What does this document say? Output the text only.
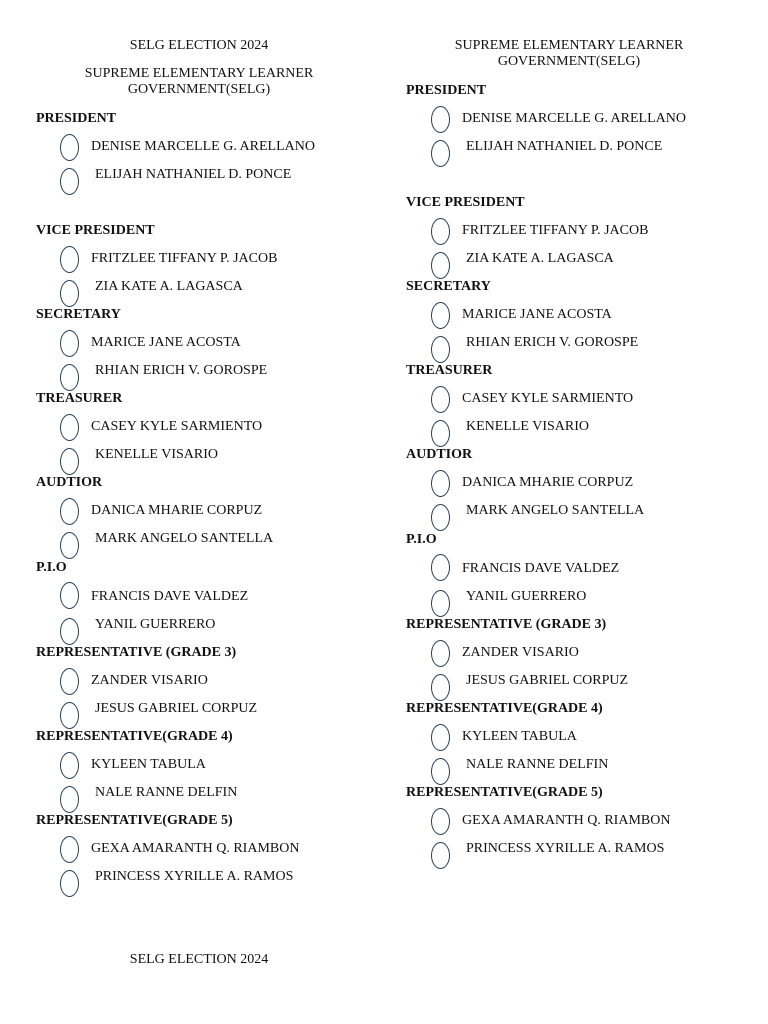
SELG ELECTION 2024
SUPREME ELEMENTARY LEARNER GOVERNMENT(SELG)
SUPREME ELEMENTARY LEARNER GOVERNMENT(SELG)
SELG ELECTION 2024
PRESIDENT
DENISE MARCELLE G. ARELLANO
ELIJAH NATHANIEL D. PONCE
VICE PRESIDENT
FRITZLEE TIFFANY P. JACOB
ZIA KATE A. LAGASCA
SECRETARY
MARICE JANE ACOSTA
RHIAN ERICH V. GOROSPE
TREASURER
CASEY KYLE SARMIENTO
KENELLE VISARIO
AUDTIOR
DANICA MHARIE CORPUZ
MARK ANGELO SANTELLA
P.I.O
FRANCIS DAVE VALDEZ
YANIL GUERRERO
REPRESENTATIVE (GRADE 3)
ZANDER VISARIO
JESUS GABRIEL CORPUZ
REPRESENTATIVE(GRADE 4)
KYLEEN TABULA
NALE RANNE DELFIN
REPRESENTATIVE(GRADE 5)
GEXA AMARANTH Q. RIAMBON
PRINCESS XYRILLE A. RAMOS
PRESIDENT
DENISE MARCELLE G. ARELLANO
ELIJAH NATHANIEL D. PONCE
VICE PRESIDENT
FRITZLEE TIFFANY P. JACOB
ZIA KATE A. LAGASCA
SECRETARY
MARICE JANE ACOSTA
RHIAN ERICH V. GOROSPE
TREASURER
CASEY KYLE SARMIENTO
KENELLE VISARIO
AUDTIOR
DANICA MHARIE CORPUZ
MARK ANGELO SANTELLA
P.I.O
FRANCIS DAVE VALDEZ
YANIL GUERRERO
REPRESENTATIVE (GRADE 3)
ZANDER VISARIO
JESUS GABRIEL CORPUZ
REPRESENTATIVE(GRADE 4)
KYLEEN TABULA
NALE RANNE DELFIN
REPRESENTATIVE(GRADE 5)
GEXA AMARANTH Q. RIAMBON
PRINCESS XYRILLE A. RAMOS
